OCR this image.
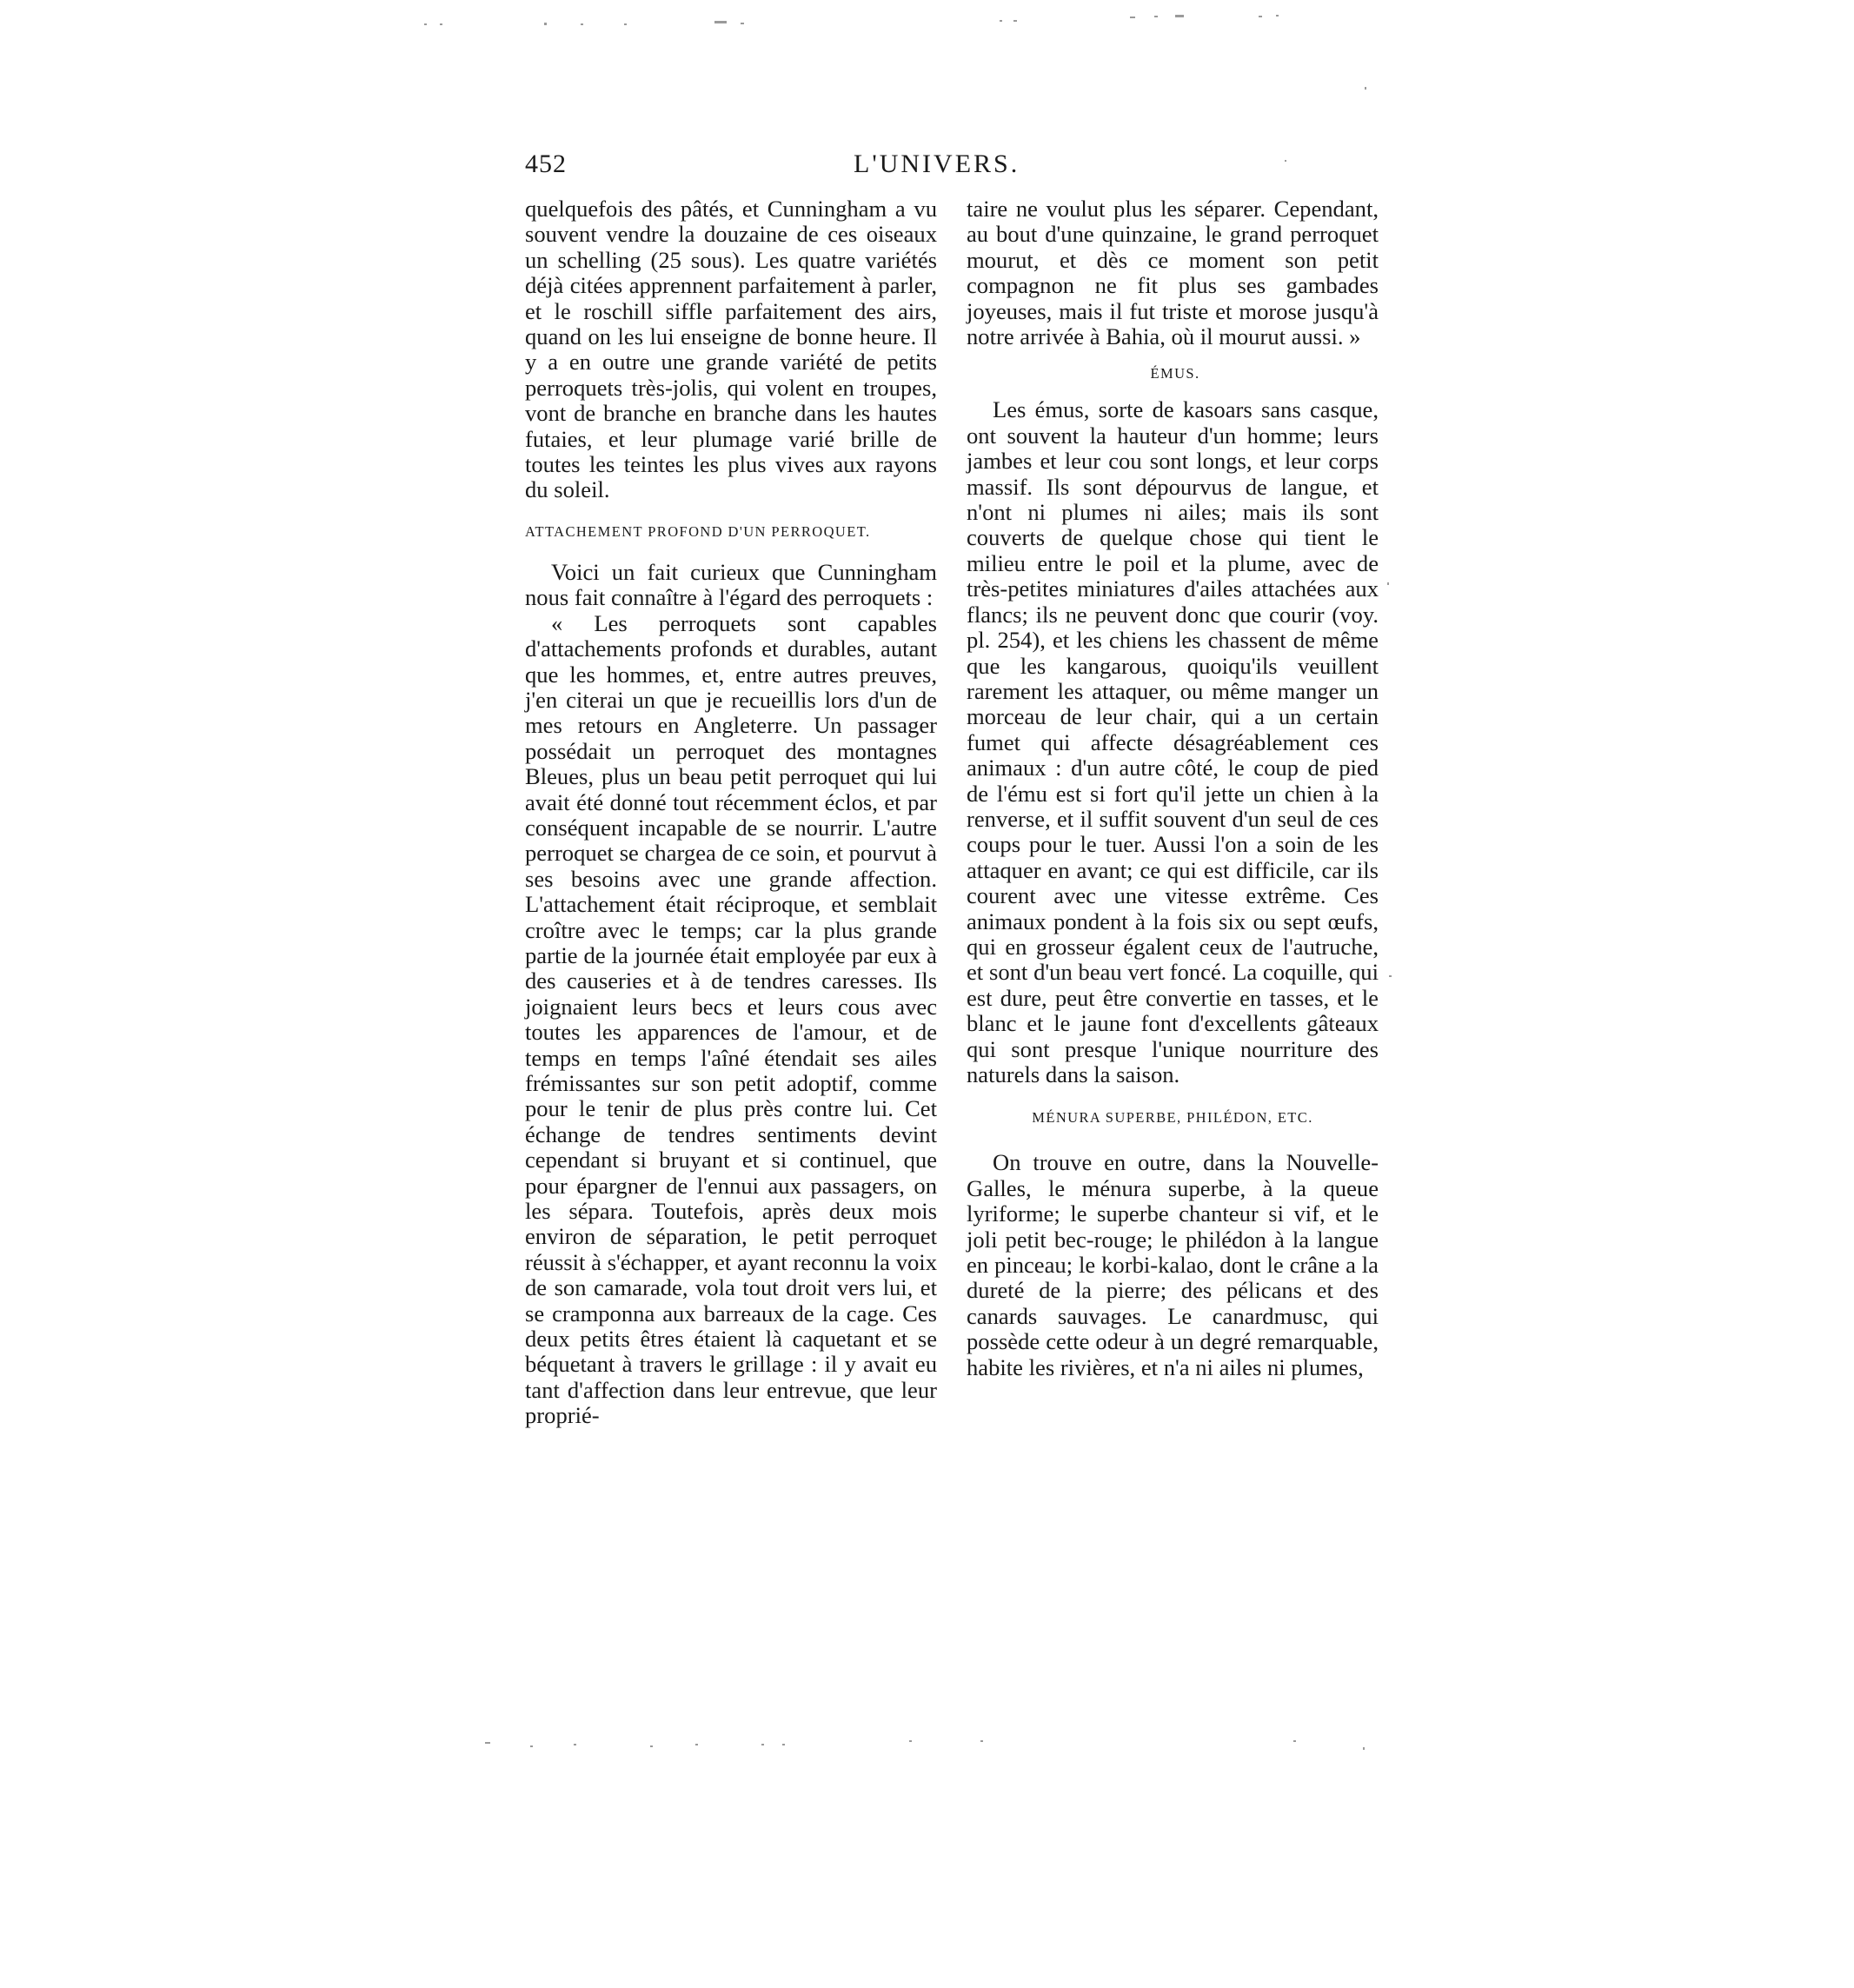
452	L'UNIVERS.

quelquefois des pâtés, et Cunningham a vu souvent vendre la douzaine de ces oiseaux un schelling (25 sous). Les quatre variétés déjà citées apprennent parfaitement à parler, et le roschill siffle parfaitement des airs, quand on les lui enseigne de bonne heure. Il y a en outre une grande variété de petits perroquets très-jolis, qui volent en troupes, vont de branche en branche dans les hautes futaies, et leur plumage varié brille de toutes les teintes les plus vives aux rayons du soleil.

ATTACHEMENT PROFOND D'UN PERROQUET.

Voici un fait curieux que Cunningham nous fait connaître à l'égard des perroquets :

« Les perroquets sont capables d'attachements profonds et durables, autant que les hommes, et, entre autres preuves, j'en citerai un que je recueillis lors d'un de mes retours en Angleterre. Un passager possédait un perroquet des montagnes Bleues, plus un beau petit perroquet qui lui avait été donné tout récemment éclos, et par conséquent incapable de se nourrir. L'autre perroquet se chargea de ce soin, et pourvut à ses besoins avec une grande affection. L'attachement était réciproque, et semblait croître avec le temps; car la plus grande partie de la journée était employée par eux à des causeries et à de tendres caresses. Ils joignaient leurs becs et leurs cous avec toutes les apparences de l'amour, et de temps en temps l'aîné étendait ses ailes frémissantes sur son petit adoptif, comme pour le tenir de plus près contre lui. Cet échange de tendres sentiments devint cependant si bruyant et si continuel, que pour épargner de l'ennui aux passagers, on les sépara. Toutefois, après deux mois environ de séparation, le petit perroquet réussit à s'échapper, et ayant reconnu la voix de son camarade, vola tout droit vers lui, et se cramponna aux barreaux de la cage. Ces deux petits êtres étaient là caquetant et se béquetant à travers le grillage : il y avait eu tant d'affection dans leur entrevue, que leur proprié-

taire ne voulut plus les séparer. Cependant, au bout d'une quinzaine, le grand perroquet mourut, et dès ce moment son petit compagnon ne fit plus ses gambades joyeuses, mais il fut triste et morose jusqu'à notre arrivée à Bahia, où il mourut aussi. »

ÉMUS.

Les émus, sorte de kasoars sans casque, ont souvent la hauteur d'un homme; leurs jambes et leur cou sont longs, et leur corps massif. Ils sont dépourvus de langue, et n'ont ni plumes ni ailes; mais ils sont couverts de quelque chose qui tient le milieu entre le poil et la plume, avec de très-petites miniatures d'ailes attachées aux flancs; ils ne peuvent donc que courir (voy. pl. 254), et les chiens les chassent de même que les kangarous, quoiqu'ils veuillent rarement les attaquer, ou même manger un morceau de leur chair, qui a un certain fumet qui affecte désagréablement ces animaux : d'un autre côté, le coup de pied de l'ému est si fort qu'il jette un chien à la renverse, et il suffit souvent d'un seul de ces coups pour le tuer. Aussi l'on a soin de les attaquer en avant; ce qui est difficile, car ils courent avec une vitesse extrême. Ces animaux pondent à la fois six ou sept œufs, qui en grosseur égalent ceux de l'autruche, et sont d'un beau vert foncé. La coquille, qui est dure, peut être convertie en tasses, et le blanc et le jaune font d'excellents gâteaux qui sont presque l'unique nourriture des naturels dans la saison.

MÉNURA SUPERBE, PHILÉDON, ETC.

On trouve en outre, dans la Nouvelle-Galles, le ménura superbe, à la queue lyriforme; le superbe chanteur si vif, et le joli petit bec-rouge; le philédon à la langue en pinceau; le korbi-kalao, dont le crâne a la dureté de la pierre; des pélicans et des canards sauvages. Le canardmusc, qui possède cette odeur à un degré remarquable, habite les rivières, et n'a ni ailes ni plumes,
